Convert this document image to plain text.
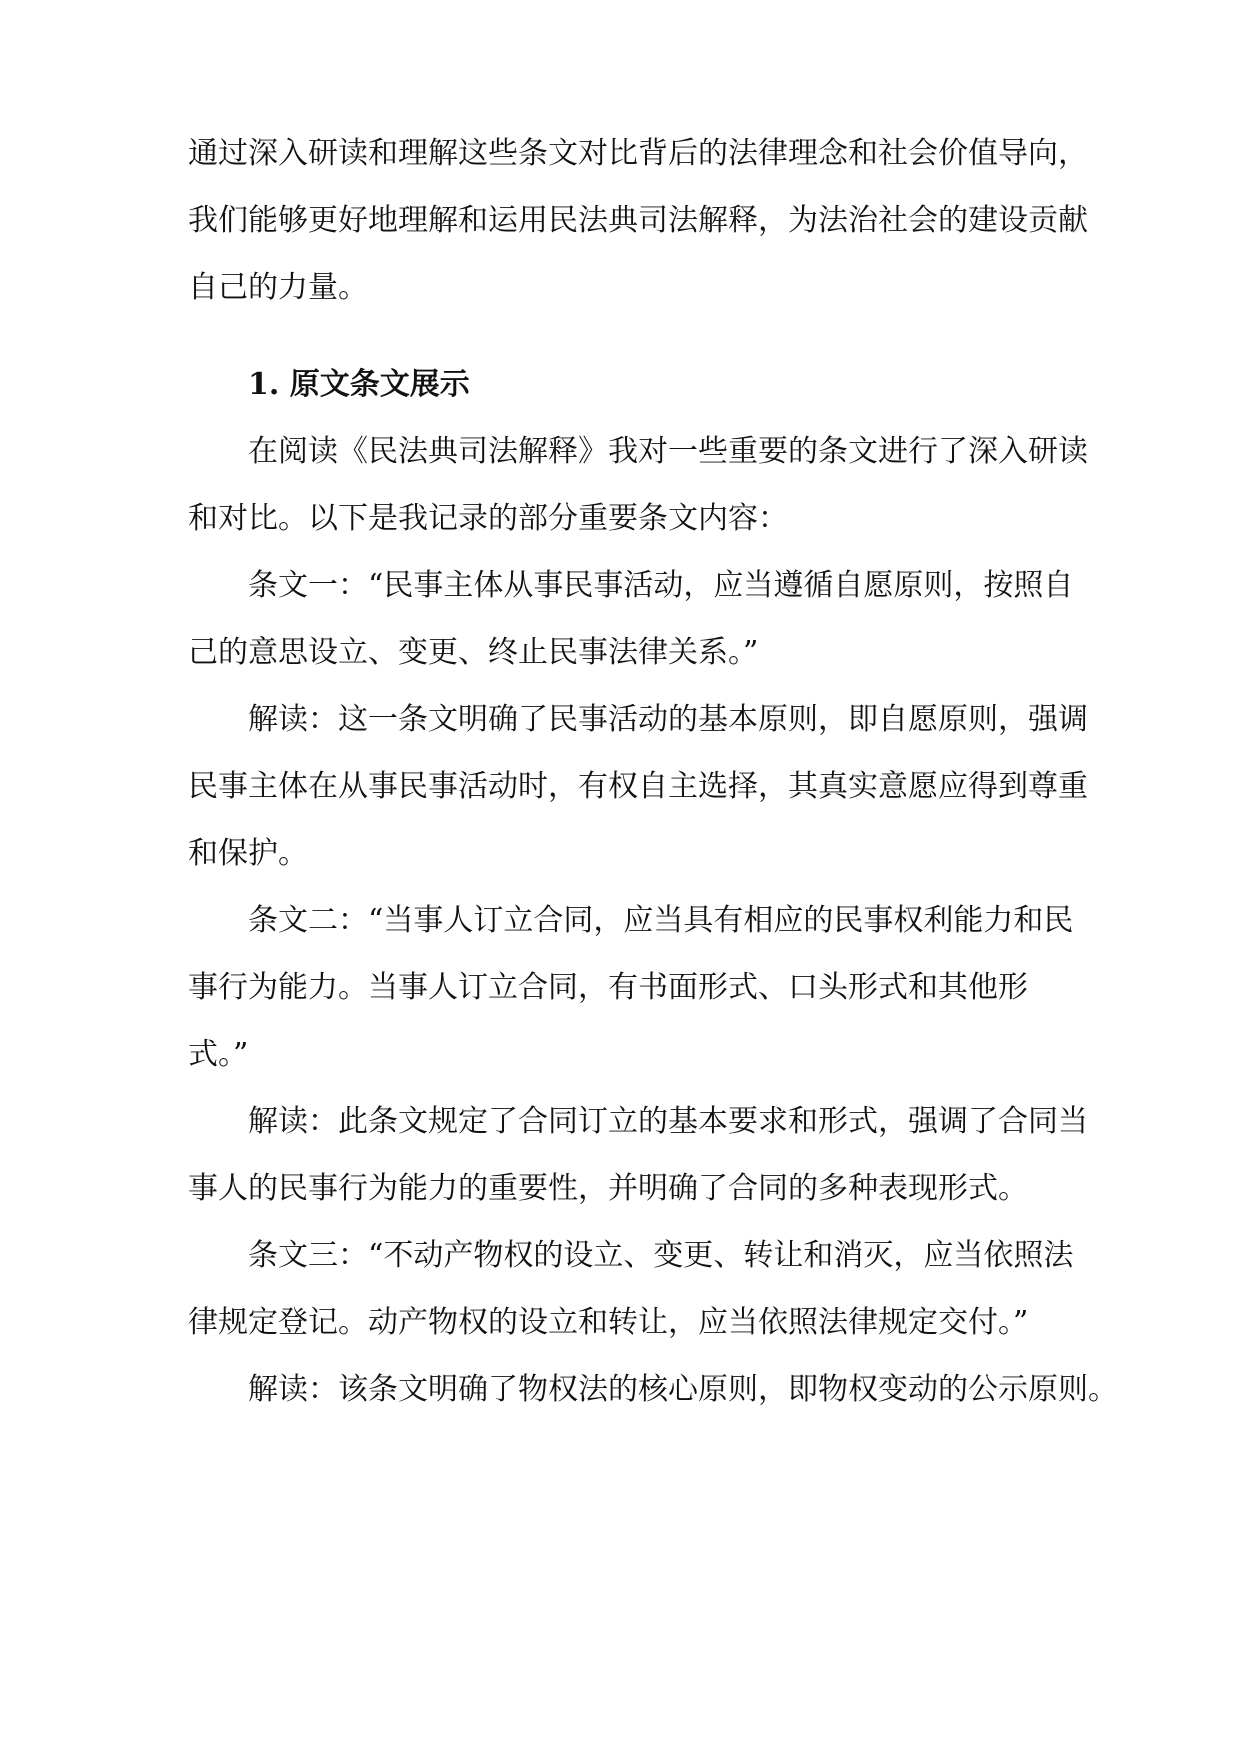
通过深入研读和理解这些条文对比背后的法律理念和社会价值导向，

我们能够更好地理解和运用民法典司法解释，为法治社会的建设贡献

自己的力量。

1. 原文条文展示

在阅读《民法典司法解释》我对一些重要的条文进行了深入研读

和对比。以下是我记录的部分重要条文内容：

条文一：“民事主体从事民事活动，应当遵循自愿原则，按照自

己的意思设立、变更、终止民事法律关系。”

解读：这一条文明确了民事活动的基本原则，即自愿原则，强调

民事主体在从事民事活动时，有权自主选择，其真实意愿应得到尊重

和保护。

条文二：“当事人订立合同，应当具有相应的民事权利能力和民

事行为能力。当事人订立合同，有书面形式、口头形式和其他形

式。”

解读：此条文规定了合同订立的基本要求和形式，强调了合同当

事人的民事行为能力的重要性，并明确了合同的多种表现形式。

条文三：“不动产物权的设立、变更、转让和消灭，应当依照法

律规定登记。动产物权的设立和转让，应当依照法律规定交付。”

解读：该条文明确了物权法的核心原则，即物权变动的公示原则。
